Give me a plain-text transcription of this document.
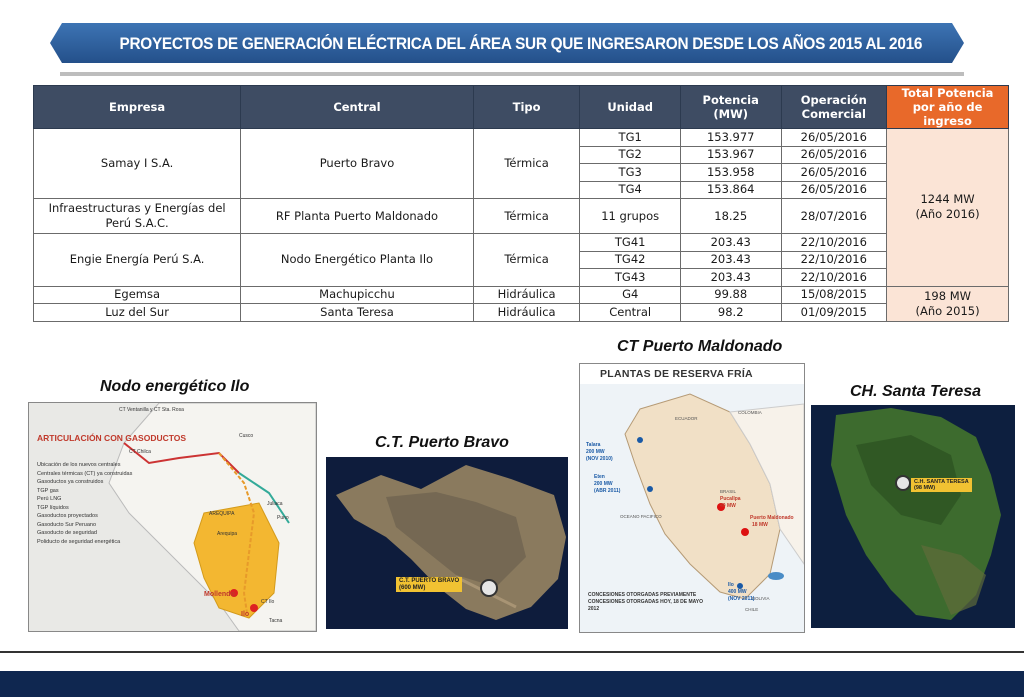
PROYECTOS DE GENERACIÓN ELÉCTRICA DEL ÁREA SUR QUE INGRESARON DESDE LOS AÑOS 2015 AL 2016
Empresa	Central	Tipo	Unidad	Potencia (MW)	Operación Comercial	Total Potencia por año de ingreso
Samay I S.A.	Puerto Bravo	Térmica	TG1	153.977	26/05/2016	1244 MW
(Año 2016)

			TG2	153.967	26/05/2016	
			TG3	153.958	26/05/2016	
			TG4	153.864	26/05/2016	
Infraestructuras y Energías del Perú S.A.C.	RF Planta Puerto Maldonado	Térmica	11 grupos	18.25	28/07/2016	
Engie Energía Perú S.A.	Nodo Energético Planta Ilo	Térmica	TG41	203.43	22/10/2016	
			TG42	203.43	22/10/2016	
			TG43	203.43	22/10/2016	
Egemsa	Machupicchu	Hidráulica	G4	99.88	15/08/2015	198 MW
(Año 2015)

Luz del Sur	Santa Teresa	Hidráulica	Central	98.2	01/09/2015	
Nodo energético Ilo
C.T. Puerto Bravo
CT Puerto Maldonado
CH. Santa Teresa
ARTICULACIÓN CON GASODUCTOS
Ubicación de los nuevos centrales
Centrales térmicas (CT) ya construidas
Gasoductos ya construidos
TGP gas
Perú LNG
TGP líquidos
Gasoductos proyectados
Gasoducto Sur Peruano
Gasoducto de seguridad
Poliducto de seguridad energética
CT Ventanilla y CT Sta. Rosa
CT Chilca
Cusco
Juliaca
Puno
AREQUIPA
Arequipa
Mollendo
Ilo
CT Ilo
Tacna
C.T. PUERTO BRAVO
(600 MW)
PLANTAS DE RESERVA FRÍA
ECUADOR
COLOMBIA
BRASIL
OCEANO PACIFICO
BOLIVIA
CHILE
Talara
200 MW
(NOV 2010)
Eten
200 MW
(ABR 2011)
Pucallpa
40 MW
Puerto Maldonado
18 MW
Ilo
400 MW
(NOV 2011)
CONCESIONES OTORGADAS PREVIAMENTE
CONCESIONES OTORGADAS HOY, 18 DE MAYO 2012
C.H. SANTA TERESA
(98 MW)
